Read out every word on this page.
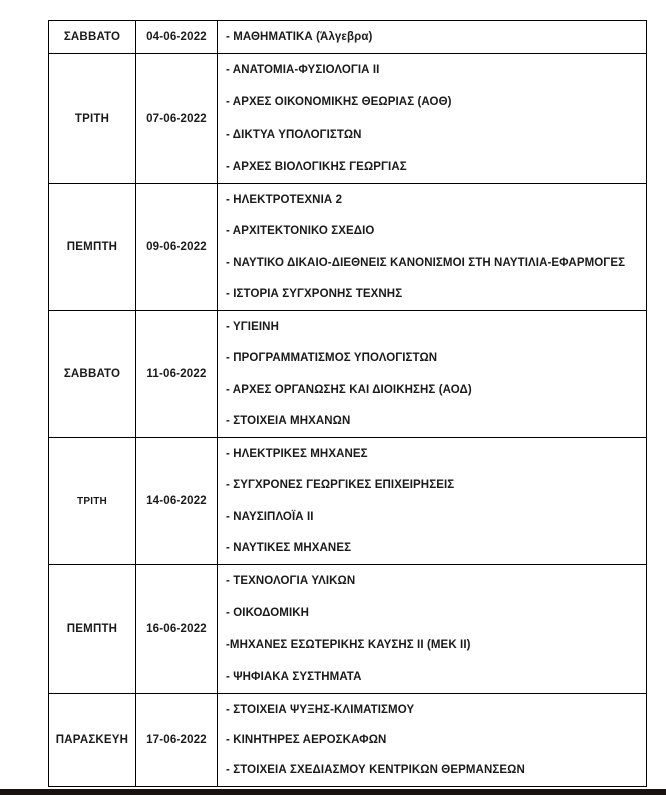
ΣΑΒΒΑΤΟ	04-06-2022	- ΜΑΘΗΜΑΤΙΚΑ (Άλγεβρα)

ΤΡΙΤΗ	07-06-2022	- ΑΝΑΤΟΜΙΑ-ΦΥΣΙΟΛΟΓΙΑ ΙΙ
- ΑΡΧΕΣ ΟΙΚΟΝΟΜΙΚΗΣ ΘΕΩΡΙΑΣ (ΑΟΘ)
- ΔΙΚΤΥΑ ΥΠΟΛΟΓΙΣΤΩΝ
- ΑΡΧΕΣ ΒΙΟΛΟΓΙΚΗΣ ΓΕΩΡΓΙΑΣ

ΠΕΜΠΤΗ	09-06-2022	- ΗΛΕΚΤΡΟΤΕΧΝΙΑ 2
- ΑΡΧΙΤΕΚΤΟΝΙΚΟ ΣΧΕΔΙΟ
- ΝΑΥΤΙΚΟ ΔΙΚΑΙΟ-ΔΙΕΘΝΕΙΣ ΚΑΝΟΝΙΣΜΟΙ ΣΤΗ ΝΑΥΤΙΛΙΑ-ΕΦΑΡΜΟΓΕΣ
- ΙΣΤΟΡΙΑ ΣΥΓΧΡΟΝΗΣ ΤΕΧΝΗΣ

ΣΑΒΒΑΤΟ	11-06-2022	- ΥΓΙΕΙΝΗ
- ΠΡΟΓΡΑΜΜΑΤΙΣΜΟΣ ΥΠΟΛΟΓΙΣΤΩΝ
- ΑΡΧΕΣ ΟΡΓΑΝΩΣΗΣ ΚΑΙ ΔΙΟΙΚΗΣΗΣ (ΑΟΔ)
- ΣΤΟΙΧΕΙΑ ΜΗΧΑΝΩΝ

ΤΡΙΤΗ	14-06-2022	- ΗΛΕΚΤΡΙΚΕΣ ΜΗΧΑΝΕΣ
- ΣΥΓΧΡΟΝΕΣ ΓΕΩΡΓΙΚΕΣ ΕΠΙΧΕΙΡΗΣΕΙΣ
- ΝΑΥΣΙΠΛΟΪΑ ΙΙ
- ΝΑΥΤΙΚΕΣ ΜΗΧΑΝΕΣ

ΠΕΜΠΤΗ	16-06-2022	- ΤΕΧΝΟΛΟΓΙΑ ΥΛΙΚΩΝ
- ΟΙΚΟΔΟΜΙΚΗ
-ΜΗΧΑΝΕΣ ΕΣΩΤΕΡΙΚΗΣ ΚΑΥΣΗΣ ΙΙ (ΜΕΚ ΙΙ)
- ΨΗΦΙΑΚΑ ΣΥΣΤΗΜΑΤΑ

ΠΑΡΑΣΚΕΥΗ	17-06-2022	- ΣΤΟΙΧΕΙΑ ΨΥΞΗΣ-ΚΛΙΜΑΤΙΣΜΟΥ
- ΚΙΝΗΤΗΡΕΣ ΑΕΡΟΣΚΑΦΩΝ
- ΣΤΟΙΧΕΙΑ ΣΧΕΔΙΑΣΜΟΥ ΚΕΝΤΡΙΚΩΝ ΘΕΡΜΑΝΣΕΩΝ
